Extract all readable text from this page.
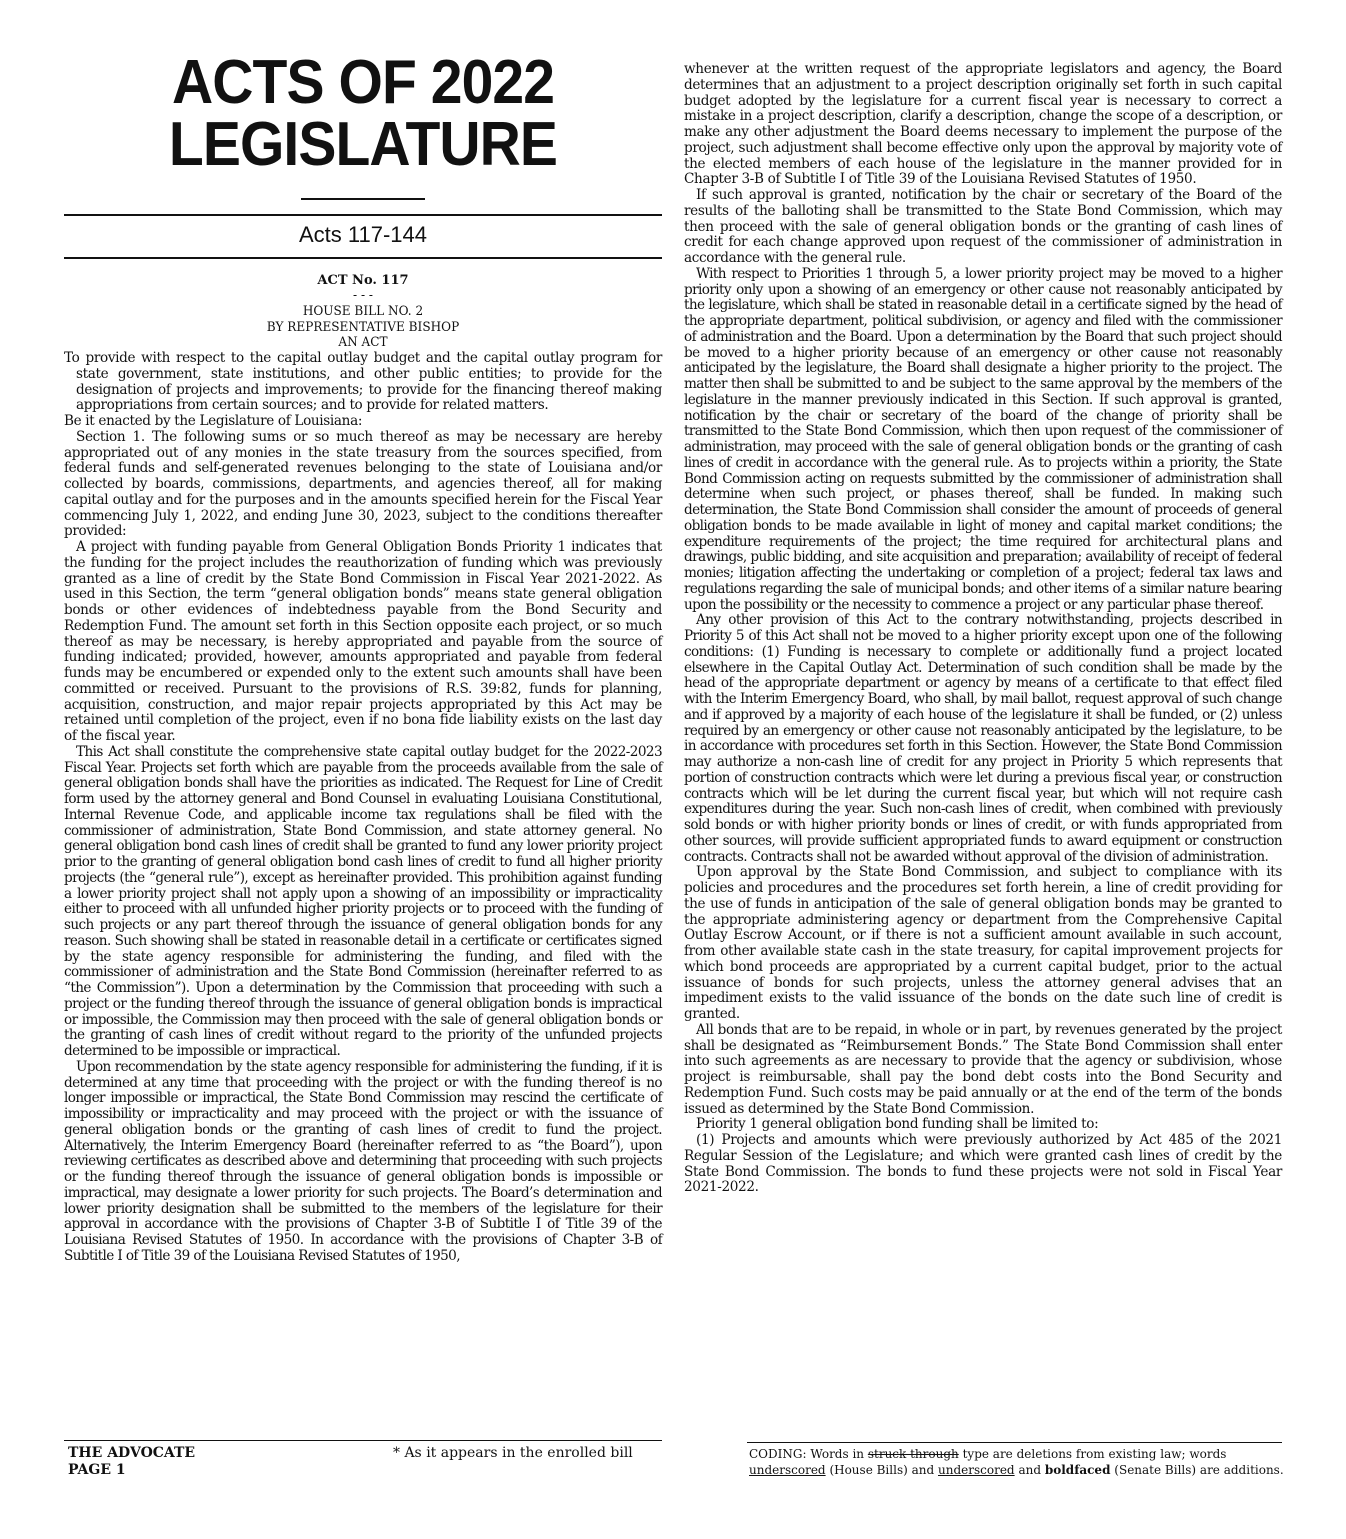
ACTS OF 2022
LEGISLATURE
Acts 117-144
ACT No. 117
- - -
HOUSE BILL NO. 2
BY REPRESENTATIVE BISHOP
AN ACT

To provide with respect to the capital outlay budget and the capital outlay program for state government, state institutions, and other public entities; to provide for the designation of projects and improvements; to provide for the financing thereof making appropriations from certain sources; and to provide for related matters.

Be it enacted by the Legislature of Louisiana:

Section 1. The following sums or so much thereof as may be necessary are hereby appropriated out of any monies in the state treasury from the sources specified, from federal funds and self-generated revenues belonging to the state of Louisiana and/or collected by boards, commissions, departments, and agencies thereof, all for making capital outlay and for the purposes and in the amounts specified herein for the Fiscal Year commencing July 1, 2022, and ending June 30, 2023, subject to the conditions thereafter provided:

A project with funding payable from General Obligation Bonds Priority 1 indicates that the funding for the project includes the reauthorization of funding which was previously granted as a line of credit by the State Bond Commission in Fiscal Year 2021-2022. As used in this Section, the term “general obligation bonds” means state general obligation bonds or other evidences of indebtedness payable from the Bond Security and Redemption Fund. The amount set forth in this Section opposite each project, or so much thereof as may be necessary, is hereby appropriated and payable from the source of funding indicated; provided, however, amounts appropriated and payable from federal funds may be encumbered or expended only to the extent such amounts shall have been committed or received. Pursuant to the provisions of R.S. 39:82, funds for planning, acquisition, construction, and major repair projects appropriated by this Act may be retained until completion of the project, even if no bona fide liability exists on the last day of the fiscal year.

This Act shall constitute the comprehensive state capital outlay budget for the 2022-2023 Fiscal Year. Projects set forth which are payable from the proceeds available from the sale of general obligation bonds shall have the priorities as indicated. The Request for Line of Credit form used by the attorney general and Bond Counsel in evaluating Louisiana Constitutional, Internal Revenue Code, and applicable income tax regulations shall be filed with the commissioner of administration, State Bond Commission, and state attorney general. No general obligation bond cash lines of credit shall be granted to fund any lower priority project prior to the granting of general obligation bond cash lines of credit to fund all higher priority projects (the “general rule”), except as hereinafter provided. This prohibition against funding a lower priority project shall not apply upon a showing of an impossibility or impracticality either to proceed with all unfunded higher priority projects or to proceed with the funding of such projects or any part thereof through the issuance of general obligation bonds for any reason. Such showing shall be stated in reasonable detail in a certificate or certificates signed by the state agency responsible for administering the funding, and filed with the commissioner of administration and the State Bond Commission (hereinafter referred to as “the Commission”). Upon a determination by the Commission that proceeding with such a project or the funding thereof through the issuance of general obligation bonds is impractical or impossible, the Commission may then proceed with the sale of general obligation bonds or the granting of cash lines of credit without regard to the priority of the unfunded projects determined to be impossible or impractical.

Upon recommendation by the state agency responsible for administering the funding, if it is determined at any time that proceeding with the project or with the funding thereof is no longer impossible or impractical, the State Bond Commission may rescind the certificate of impossibility or impracticality and may proceed with the project or with the issuance of general obligation bonds or the granting of cash lines of credit to fund the project. Alternatively, the Interim Emergency Board (hereinafter referred to as “the Board”), upon reviewing certificates as described above and determining that proceeding with such projects or the funding thereof through the issuance of general obligation bonds is impossible or impractical, may designate a lower priority for such projects. The Board’s determination and lower priority designation shall be submitted to the members of the legislature for their approval in accordance with the provisions of Chapter 3-B of Subtitle I of Title 39 of the Louisiana Revised Statutes of 1950. In accordance with the provisions of Chapter 3-B of Subtitle I of Title 39 of the Louisiana Revised Statutes of 1950,

whenever at the written request of the appropriate legislators and agency, the Board determines that an adjustment to a project description originally set forth in such capital budget adopted by the legislature for a current fiscal year is necessary to correct a mistake in a project description, clarify a description, change the scope of a description, or make any other adjustment the Board deems necessary to implement the purpose of the project, such adjustment shall become effective only upon the approval by majority vote of the elected members of each house of the legislature in the manner provided for in Chapter 3-B of Subtitle I of Title 39 of the Louisiana Revised Statutes of 1950.

If such approval is granted, notification by the chair or secretary of the Board of the results of the balloting shall be transmitted to the State Bond Commission, which may then proceed with the sale of general obligation bonds or the granting of cash lines of credit for each change approved upon request of the commissioner of administration in accordance with the general rule.

With respect to Priorities 1 through 5, a lower priority project may be moved to a higher priority only upon a showing of an emergency or other cause not reasonably anticipated by the legislature, which shall be stated in reasonable detail in a certificate signed by the head of the appropriate department, political subdivision, or agency and filed with the commissioner of administration and the Board. Upon a determination by the Board that such project should be moved to a higher priority because of an emergency or other cause not reasonably anticipated by the legislature, the Board shall designate a higher priority to the project. The matter then shall be submitted to and be subject to the same approval by the members of the legislature in the manner previously indicated in this Section. If such approval is granted, notification by the chair or secretary of the board of the change of priority shall be transmitted to the State Bond Commission, which then upon request of the commissioner of administration, may proceed with the sale of general obligation bonds or the granting of cash lines of credit in accordance with the general rule. As to projects within a priority, the State Bond Commission acting on requests submitted by the commissioner of administration shall determine when such project, or phases thereof, shall be funded. In making such determination, the State Bond Commission shall consider the amount of proceeds of general obligation bonds to be made available in light of money and capital market conditions; the expenditure requirements of the project; the time required for architectural plans and drawings, public bidding, and site acquisition and preparation; availability of receipt of federal monies; litigation affecting the undertaking or completion of a project; federal tax laws and regulations regarding the sale of municipal bonds; and other items of a similar nature bearing upon the possibility or the necessity to commence a project or any particular phase thereof.

Any other provision of this Act to the contrary notwithstanding, projects described in Priority 5 of this Act shall not be moved to a higher priority except upon one of the following conditions: (1) Funding is necessary to complete or additionally fund a project located elsewhere in the Capital Outlay Act. Determination of such condition shall be made by the head of the appropriate department or agency by means of a certificate to that effect filed with the Interim Emergency Board, who shall, by mail ballot, request approval of such change and if approved by a majority of each house of the legislature it shall be funded, or (2) unless required by an emergency or other cause not reasonably anticipated by the legislature, to be in accordance with procedures set forth in this Section. However, the State Bond Commission may authorize a non-cash line of credit for any project in Priority 5 which represents that portion of construction contracts which were let during a previous fiscal year, or construction contracts which will be let during the current fiscal year, but which will not require cash expenditures during the year. Such non-cash lines of credit, when combined with previously sold bonds or with higher priority bonds or lines of credit, or with funds appropriated from other sources, will provide sufficient appropriated funds to award equipment or construction contracts. Contracts shall not be awarded without approval of the division of administration.

Upon approval by the State Bond Commission, and subject to compliance with its policies and procedures and the procedures set forth herein, a line of credit providing for the use of funds in anticipation of the sale of general obligation bonds may be granted to the appropriate administering agency or department from the Comprehensive Capital Outlay Escrow Account, or if there is not a sufficient amount available in such account, from other available state cash in the state treasury, for capital improvement projects for which bond proceeds are appropriated by a current capital budget, prior to the actual issuance of bonds for such projects, unless the attorney general advises that an impediment exists to the valid issuance of the bonds on the date such line of credit is granted.

All bonds that are to be repaid, in whole or in part, by revenues generated by the project shall be designated as “Reimbursement Bonds.” The State Bond Commission shall enter into such agreements as are necessary to provide that the agency or subdivision, whose project is reimbursable, shall pay the bond debt costs into the Bond Security and Redemption Fund. Such costs may be paid annually or at the end of the term of the bonds issued as determined by the State Bond Commission.

Priority 1 general obligation bond funding shall be limited to:

(1) Projects and amounts which were previously authorized by Act 485 of the 2021 Regular Session of the Legislature; and which were granted cash lines of credit by the State Bond Commission. The bonds to fund these projects were not sold in Fiscal Year 2021-2022.

THE ADVOCATE
PAGE 1
* As it appears in the enrolled bill	CODING: Words in struck through type are deletions from existing law; words underscored (House Bills) and underscored and boldfaced (Senate Bills) are additions.
